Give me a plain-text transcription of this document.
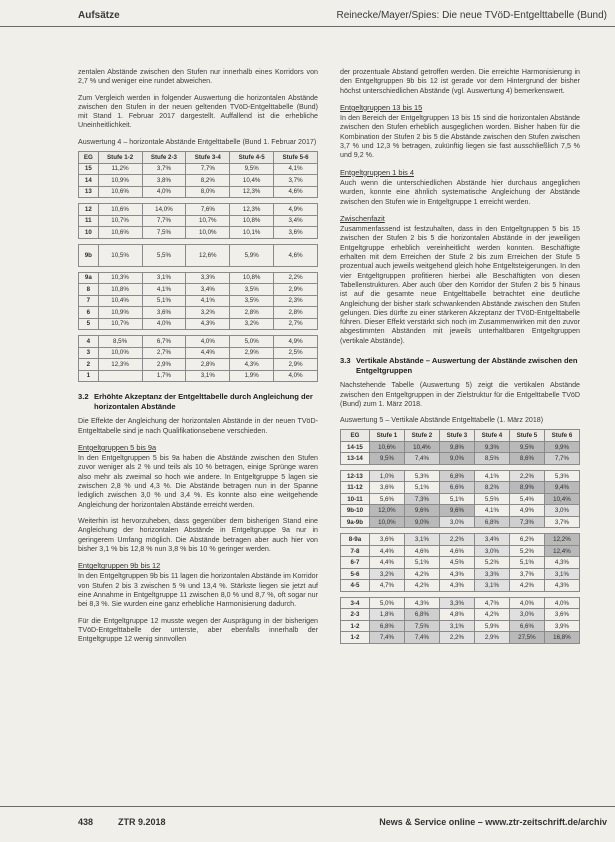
Aufsätze	Reinecke/Mayer/Spies: Die neue TVöD-Entgelttabelle (Bund)

zentalen Abstände zwischen den Stufen nur innerhalb eines Korridors von 2,7 % und weniger eine rundet abweichen.

Zum Vergleich werden in folgender Auswertung die horizontalen Abstände zwischen den Stufen in der neuen geltenden TVöD-Entgelttabelle (Bund) mit Stand 1. Februar 2017 dargestellt. Auffallend ist die erhebliche Uneinheitlichkeit.

Auswertung 4 – horizontale Abstände Entgelttabelle (Bund 1. Februar 2017)

EG	Stufe 1-2	Stufe 2-3	Stufe 3-4	Stufe 4-5	Stufe 5-6
15	11,2%	3,7%	7,7%	9,5%	4,1%
14	10,9%	3,8%	8,2%	10,4%	3,7%
13	10,6%	4,0%	8,0%	12,3%	4,6%

12	10,6%	14,0%	7,6%	12,3%	4,9%
11	10,7%	7,7%	10,7%	10,8%	3,4%
10	10,6%	7,5%	10,0%	10,1%	3,6%

9b	10,5%	5,5%	12,6%	5,9%	4,6%

9a	10,3%	3,1%	3,3%	10,8%	2,2%
8	10,8%	4,1%	3,4%	3,5%	2,9%
7	10,4%	5,1%	4,1%	3,5%	2,3%
6	10,9%	3,6%	3,2%	2,8%	2,8%
5	10,7%	4,0%	4,3%	3,2%	2,7%

4	8,5%	6,7%	4,0%	5,0%	4,9%
3	10,0%	2,7%	4,4%	2,9%	2,5%
2	12,3%	2,9%	2,8%	4,3%	2,9%
1		1,7%	3,1%	1,9%	4,0%
3.2 Erhöhte Akzeptanz der Entgelttabelle durch Angleichung der horizontalen Abstände

Die Effekte der Angleichung der horizontalen Abstände in der neuen TVöD-Entgelttabelle sind je nach Qualifikationsebene verschieden.

Entgeltgruppen 5 bis 9a

In den Entgeltgruppen 5 bis 9a haben die Abstände zwischen den Stufen zuvor weniger als 2 % und teils als 10 % betragen, einige Sprünge waren also mehr als zweimal so hoch wie andere. In Entgeltgruppe 5 lagen sie zwischen 2,8 % und 4,3 %. Die Abstände betragen nun in der Spanne lediglich zwischen 3,0 % und 3,4 %. Es konnte also eine weitgehende Angleichung der horizontalen Abstände erreicht werden.

Weiterhin ist hervorzuheben, dass gegenüber dem bisherigen Stand eine Angleichung der horizontalen Abstände in Entgeltgruppe 9a nur in geringerem Umfang möglich. Die Abstände betragen aber auch hier von bisher 3,1 % bis 12,8 % nun 3,8 % bis 10 % geringer werden.

Entgeltgruppen 9b bis 12

In den Entgeltgruppen 9b bis 11 lagen die horizontalen Abstände im Korridor von Stufen 2 bis 3 zwischen 5 % und 13,4 %. Stärkste liegen sie jetzt auf eine Annahme in Entgeltgruppe 11 zwischen 8,0 % und 8,7 %, oft sogar nur bei 8,3 %. Sie wurden eine ganz erhebliche Harmonisierung dadurch.

Für die Entgeltgruppe 12 musste wegen der Ausprägung in der bisherigen TVöD-Entgelttabelle der unterste, aber ebenfalls innerhalb der Entgeltgruppe 12 wenig sinnvollen

der prozentuale Abstand getroffen werden. Die erreichte Harmonisierung in den Entgeltgruppen 9b bis 12 ist gerade vor dem Hintergrund der bisher höchst unterschiedlichen Abstände (vgl. Auswertung 4) bemerkenswert.

Entgeltgruppen 13 bis 15

In den Bereich der Entgeltgruppen 13 bis 15 sind die horizontalen Abstände zwischen den Stufen erheblich ausgeglichen worden. Bisher haben für die Kombination der Stufen 2 bis 5 die Abstände zwischen den Stufen zwischen 3,7 % und 12,3 % betragen, zukünftig liegen sie fast ausschließlich 7,5 % und 9,2 %.

Entgeltgruppen 1 bis 4

Auch wenn die unterschiedlichen Abstände hier durchaus angeglichen wurden, konnte eine ähnlich systematische Angleichung der Abstände zwischen den Stufen wie in Entgeltgruppe 1 erreicht werden.

Zwischenfazit

Zusammenfassend ist festzuhalten, dass in den Entgeltgruppen 5 bis 15 zwischen der Stufen 2 bis 5 die horizontalen Abstände in der jeweiligen Entgeltgruppe erheblich vereinheitlicht werden konnten. Beschäftigte erhalten mit dem Erreichen der Stufe 2 bis zum Erreichen der Stufe 5 prozentual auch jeweils weitgehend gleich hohe Entgeltsteigerungen. In den vier Entgeltgruppen profitieren hierbei alle Beschäftigten von diesen Tabellenstrukturen. Aber auch über den Korridor der Stufen 2 bis 5 hinaus ist auf die gesamte neue Entgelttabelle betrachtet eine deutliche Angleichung der bisher stark schwankenden Abstände zwischen den Stufen gelungen. Dies dürfte zu einer stärkeren Akzeptanz der TVöD-Entgelttabelle führen. Dieser Effekt verstärkt sich noch im Zusammenwirken mit den zuvor abgestimmten Abständen mit jeweils unterhaltbaren Entgeltgruppen (vertikale Abstände).

3.3 Vertikale Abstände – Auswertung der Abstände zwischen den Entgeltgruppen

Nachstehende Tabelle (Auswertung 5) zeigt die vertikalen Abstände zwischen den Entgeltgruppen in der Zielstruktur für die Entgelttabelle TVöD (Bund) zum 1. März 2018.

Auswertung 5 – Vertikale Abstände Entgelttabelle (1. März 2018)

EG	Stufe 1	Stufe 2	Stufe 3	Stufe 4	Stufe 5	Stufe 6
14-15	10,6%	10,4%	9,8%	9,3%	9,5%	9,9%
13-14	9,5%	7,4%	9,0%	8,5%	8,6%	7,7%

12-13	1,0%	5,3%	6,8%	4,1%	2,2%	5,3%
11-12	3,6%	5,1%	6,6%	8,2%	8,9%	9,4%
10-11	5,6%	7,3%	5,1%	5,5%	5,4%	10,4%
9b-10	12,0%	9,6%	9,6%	4,1%	4,9%	3,0%
9a-9b	10,0%	9,0%	3,0%	6,8%	7,3%	3,7%

8-9a	3,6%	3,1%	2,2%	3,4%	6,2%	12,2%
7-8	4,4%	4,6%	4,6%	3,0%	5,2%	12,4%
6-7	4,4%	5,1%	4,5%	5,2%	5,1%	4,3%
5-6	3,2%	4,2%	4,3%	3,3%	3,7%	3,1%
4-5	4,7%	4,2%	4,3%	3,1%	4,2%	4,3%

3-4	5,0%	4,3%	3,3%	4,7%	4,0%	4,0%
2-3	1,8%	6,8%	4,8%	4,2%	3,0%	3,6%
1-2	6,8%	7,5%	3,1%	5,9%	6,6%	3,9%
1-2	7,4%	7,4%	2,2%	2,9%	27,5%	16,8%
438	ZTR 9.2018	News & Service online – www.ztr-zeitschrift.de/archiv
